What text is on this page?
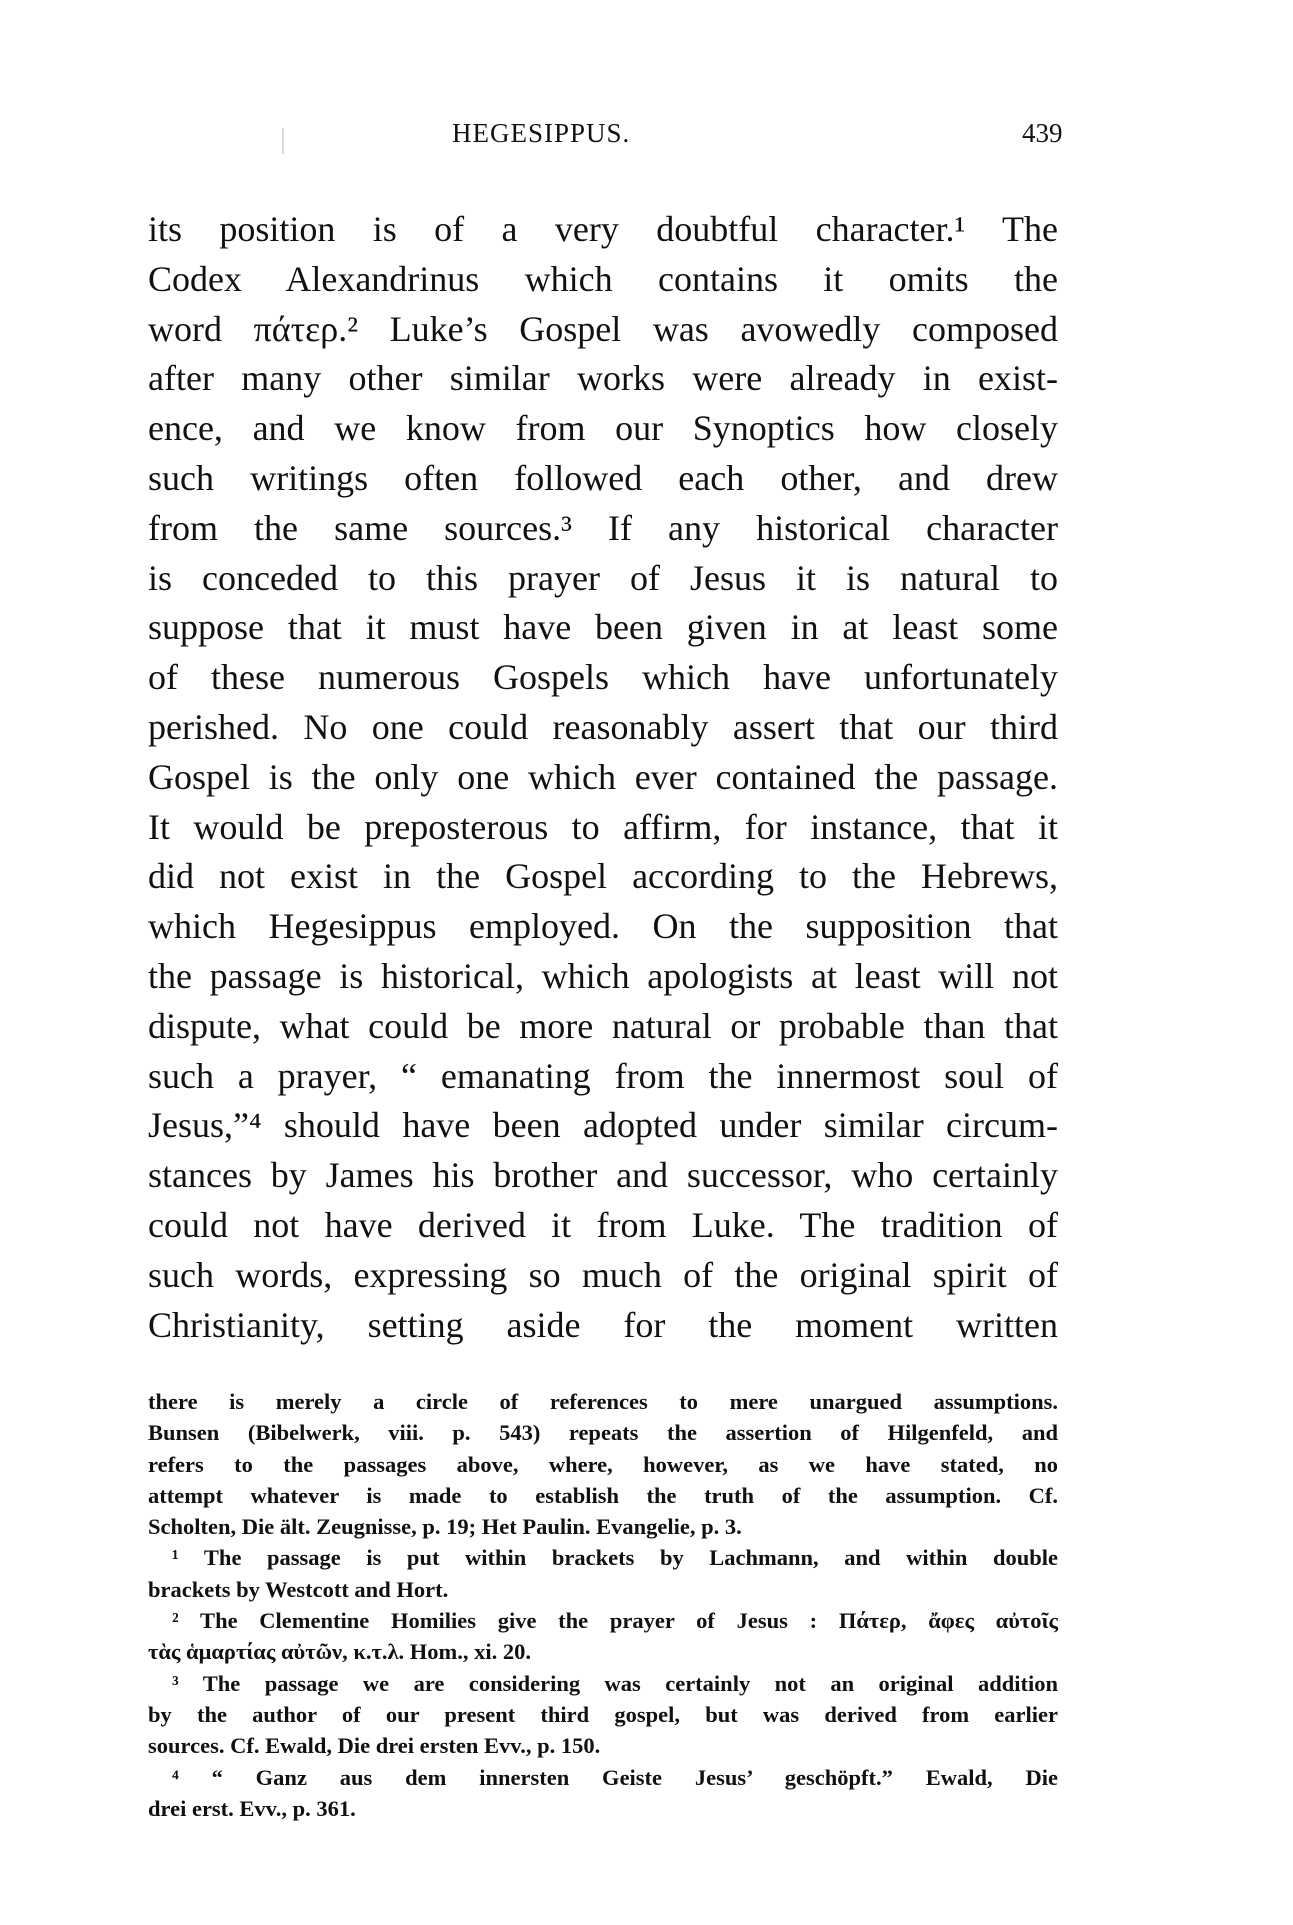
HEGESIPPUS.	439
its position is of a very doubtful character.¹ The
Codex Alexandrinus which contains it omits the
word πάτερ.² Luke’s Gospel was avowedly composed
after many other similar works were already in exist-
ence, and we know from our Synoptics how closely
such writings often followed each other, and drew
from the same sources.³ If any historical character
is conceded to this prayer of Jesus it is natural to
suppose that it must have been given in at least some
of these numerous Gospels which have unfortunately
perished. No one could reasonably assert that our third
Gospel is the only one which ever contained the passage.
It would be preposterous to affirm, for instance, that it
did not exist in the Gospel according to the Hebrews,
which Hegesippus employed. On the supposition that
the passage is historical, which apologists at least will not
dispute, what could be more natural or probable than that
such a prayer, “ emanating from the innermost soul of
Jesus,”⁴ should have been adopted under similar circum-
stances by James his brother and successor, who certainly
could not have derived it from Luke. The tradition of
such words, expressing so much of the original spirit of
Christianity, setting aside for the moment written
there is merely a circle of references to mere unargued assumptions.
Bunsen (Bibelwerk, viii. p. 543) repeats the assertion of Hilgenfeld, and
refers to the passages above, where, however, as we have stated, no
attempt whatever is made to establish the truth of the assumption. Cf.
Scholten, Die ält. Zeugnisse, p. 19; Het Paulin. Evangelie, p. 3.
¹ The passage is put within brackets by Lachmann, and within double
brackets by Westcott and Hort.
² The Clementine Homilies give the prayer of Jesus : Πάτερ, ἄφες αὐτοῖς
τὰς ἁμαρτίας αὐτῶν, κ.τ.λ. Hom., xi. 20.
³ The passage we are considering was certainly not an original addition
by the author of our present third gospel, but was derived from earlier
sources. Cf. Ewald, Die drei ersten Evv., p. 150.
⁴ “ Ganz aus dem innersten Geiste Jesus’ geschöpft.” Ewald, Die
drei erst. Evv., p. 361.
